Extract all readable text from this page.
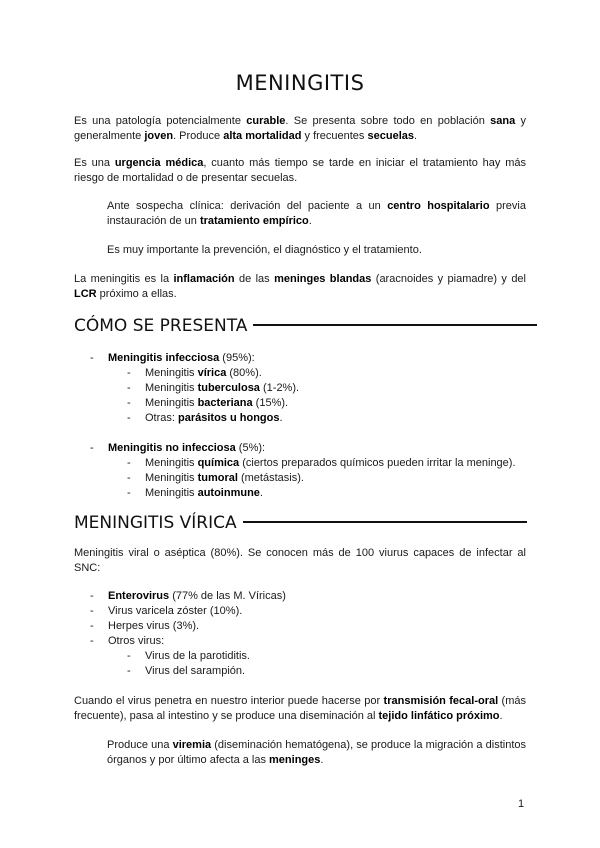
MENINGITIS

Es una patología potencialmente curable. Se presenta sobre todo en población sana y generalmente joven. Produce alta mortalidad y frecuentes secuelas.

Es una urgencia médica, cuanto más tiempo se tarde en iniciar el tratamiento hay más riesgo de mortalidad o de presentar secuelas.

Ante sospecha clínica: derivación del paciente a un centro hospitalario previa instauración de un tratamiento empírico.

Es muy importante la prevención, el diagnóstico y el tratamiento.

La meningitis es la inflamación de las meninges blandas (aracnoides y piamadre) y del LCR próximo a ellas.

CÓMO SE PRESENTA
- Meningitis infecciosa (95%):
- Meningitis vírica (80%).
- Meningitis tuberculosa (1-2%).
- Meningitis bacteriana (15%).
- Otras: parásitos u hongos.
- Meningitis no infecciosa (5%):
- Meningitis química (ciertos preparados químicos pueden irritar la meninge).
- Meningitis tumoral (metástasis).
- Meningitis autoinmune.
MENINGITIS VÍRICA

Meningitis viral o aséptica (80%). Se conocen más de 100 viurus capaces de infectar al SNC:

- Enterovirus (77% de las M. Víricas)
- Virus varicela zóster (10%).
- Herpes virus (3%).
- Otros virus:
- Virus de la parotiditis.
- Virus del sarampión.

Cuando el virus penetra en nuestro interior puede hacerse por transmisión fecal-oral (más frecuente), pasa al intestino y se produce una diseminación al tejido linfático próximo.

Produce una viremia (diseminación hematógena), se produce la migración a distintos órganos y por último afecta a las meninges.

1
